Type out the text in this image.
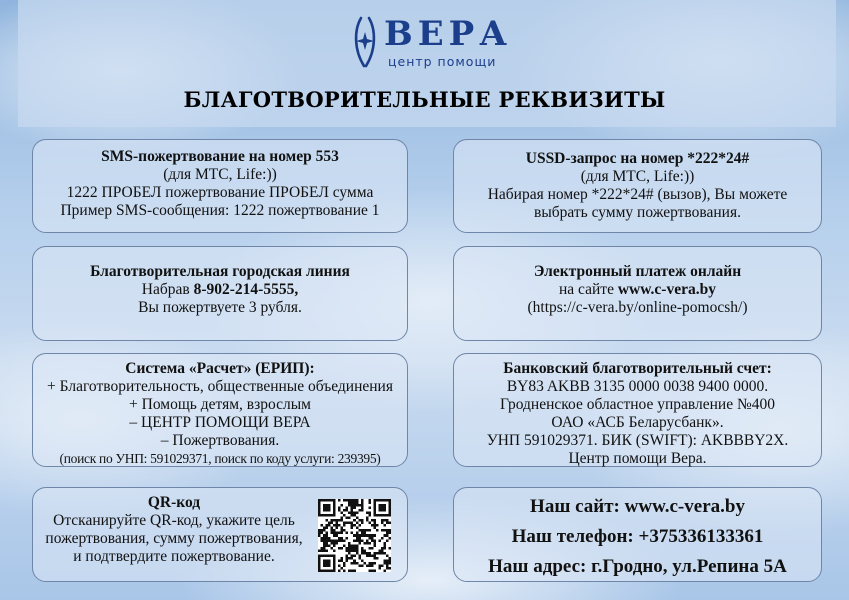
ВЕРА
центр помощи
БЛАГОТВОРИТЕЛЬНЫЕ РЕКВИЗИТЫ
SMS-пожертвование на номер 553
(для МТС, Life:))
1222 ПРОБЕЛ пожертвование ПРОБЕЛ сумма
Пример SMS-сообщения: 1222 пожертвование 1
USSD-запрос на номер *222*24#
(для МТС, Life:))
Набирая номер *222*24# (вызов), Вы можете
выбрать сумму пожертвования.
Благотворительная городская линия
Набрав 8-902-214-5555,
Вы пожертвуете 3 рубля.
Электронный платеж онлайн
на сайте www.c-vera.by
(https://c-vera.by/online-pomocsh/)
Система «Расчет» (ЕРИП):
+ Благотворительность, общественные объединения
+ Помощь детям, взрослым
– ЦЕНТР ПОМОЩИ ВЕРА
– Пожертвования.
(поиск по УНП: 591029371, поиск по коду услуги: 239395)
Банковский благотворительный счет:
BY83 AKBB 3135 0000 0038 9400 0000.
Гродненское областное управление №400
ОАО «АСБ Беларусбанк».
УНП 591029371. БИК (SWIFT): AKBBBY2X.
Центр помощи Вера.
QR-код
Отсканируйте QR-код, укажите цель
пожертвования, сумму пожертвования,
и подтвердите пожертвование.
Наш сайт: www.c-vera.by
Наш телефон: +375336133361
Наш адрес: г.Гродно, ул.Репина 5А
